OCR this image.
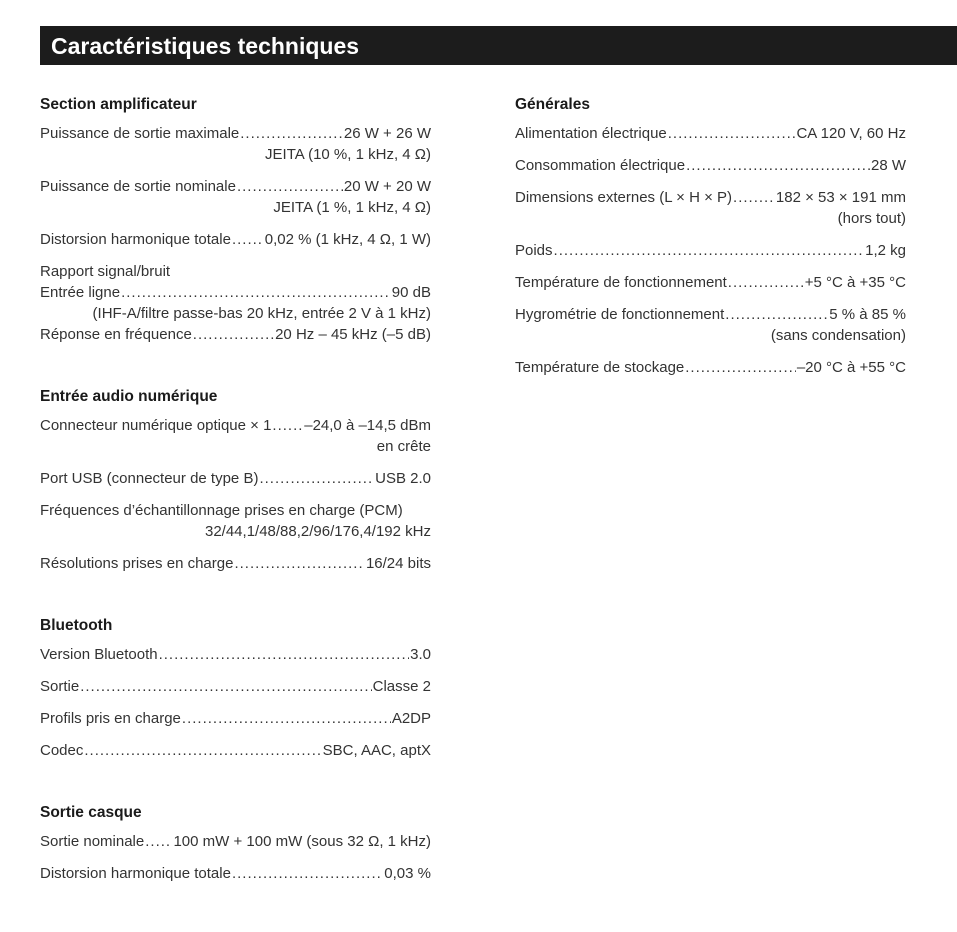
Caractéristiques techniques
Section amplificateur
Puissance de sortie maximale .....	26 W + 26 W
JEITA (10 %, 1 kHz, 4 Ω)
Puissance de sortie nominale .....	20 W + 20 W
JEITA (1 %, 1 kHz, 4 Ω)
Distorsion harmonique totale ..... 0,02 % (1 kHz, 4 Ω, 1 W)
Rapport signal/bruit
Entrée ligne .....	90 dB
(IHF-A/filtre passe-bas 20 kHz, entrée 2 V à 1 kHz)
Réponse en fréquence .....	20 Hz – 45 kHz (–5 dB)
Entrée audio numérique
Connecteur numérique optique × 1 ..... –24,0 à –14,5 dBm
en crête
Port USB (connecteur de type B) .....	USB 2.0
Fréquences d’échantillonnage prises en charge (PCM)
32/44,1/48/88,2/96/176,4/192 kHz
Résolutions prises en charge .....	16/24 bits
Bluetooth
Version Bluetooth .....	3.0
Sortie .....	Classe 2
Profils pris en charge .....	A2DP
Codec .....	SBC, AAC, aptX
Sortie casque
Sortie nominale ..... 100 mW + 100 mW (sous 32 Ω, 1 kHz)
Distorsion harmonique totale .....	0,03 %
Générales
Alimentation électrique .....	CA 120 V, 60 Hz
Consommation électrique .....	28 W
Dimensions externes (L × H × P) .....	182 × 53 × 191 mm
(hors tout)
Poids .....	1,2 kg
Température de fonctionnement .....	+5 °C à +35 °C
Hygrométrie de fonctionnement .....	5 % à 85 %
(sans condensation)
Température de stockage .....	–20 °C à +55 °C
